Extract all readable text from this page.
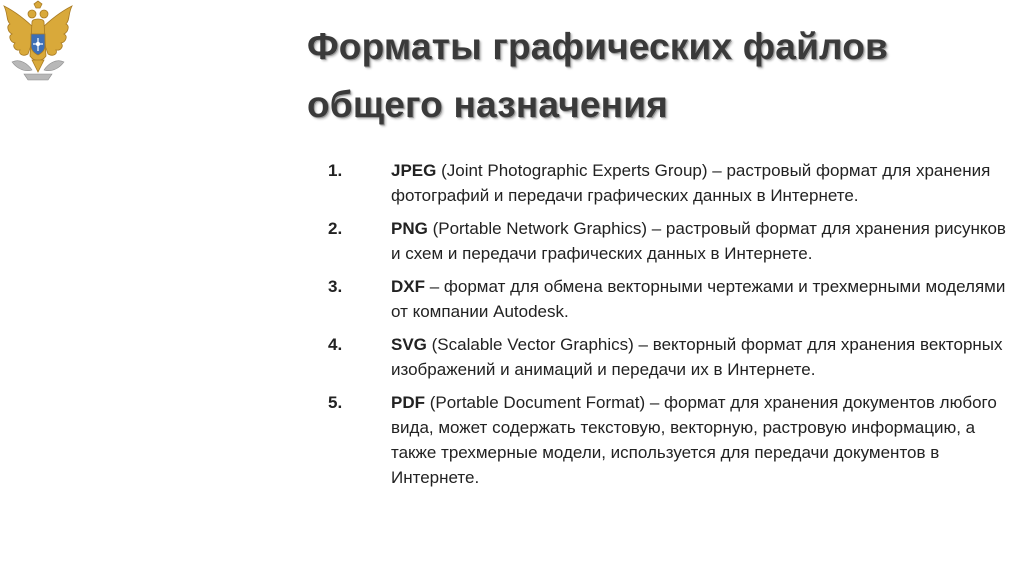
Форматы графических файлов
общего назначения
1.	JPEG (Joint Photographic Experts Group) – растровый формат для хранения фотографий и передачи графических данных в Интернете.
2.	PNG (Portable Network Graphics) – растровый формат для хранения рисунков и схем и передачи графических данных в Интернете.
3.	DXF – формат для обмена векторными чертежами и трехмерными моделями от компании Autodesk.
4.	SVG (Scalable Vector Graphics) – векторный формат для хранения векторных изображений и анимаций и передачи их в Интернете.
5.	PDF (Portable Document Format) – формат для хранения документов любого вида, может содержать текстовую, векторную, растровую информацию, а также трехмерные модели, используется для передачи документов в Интернете.
